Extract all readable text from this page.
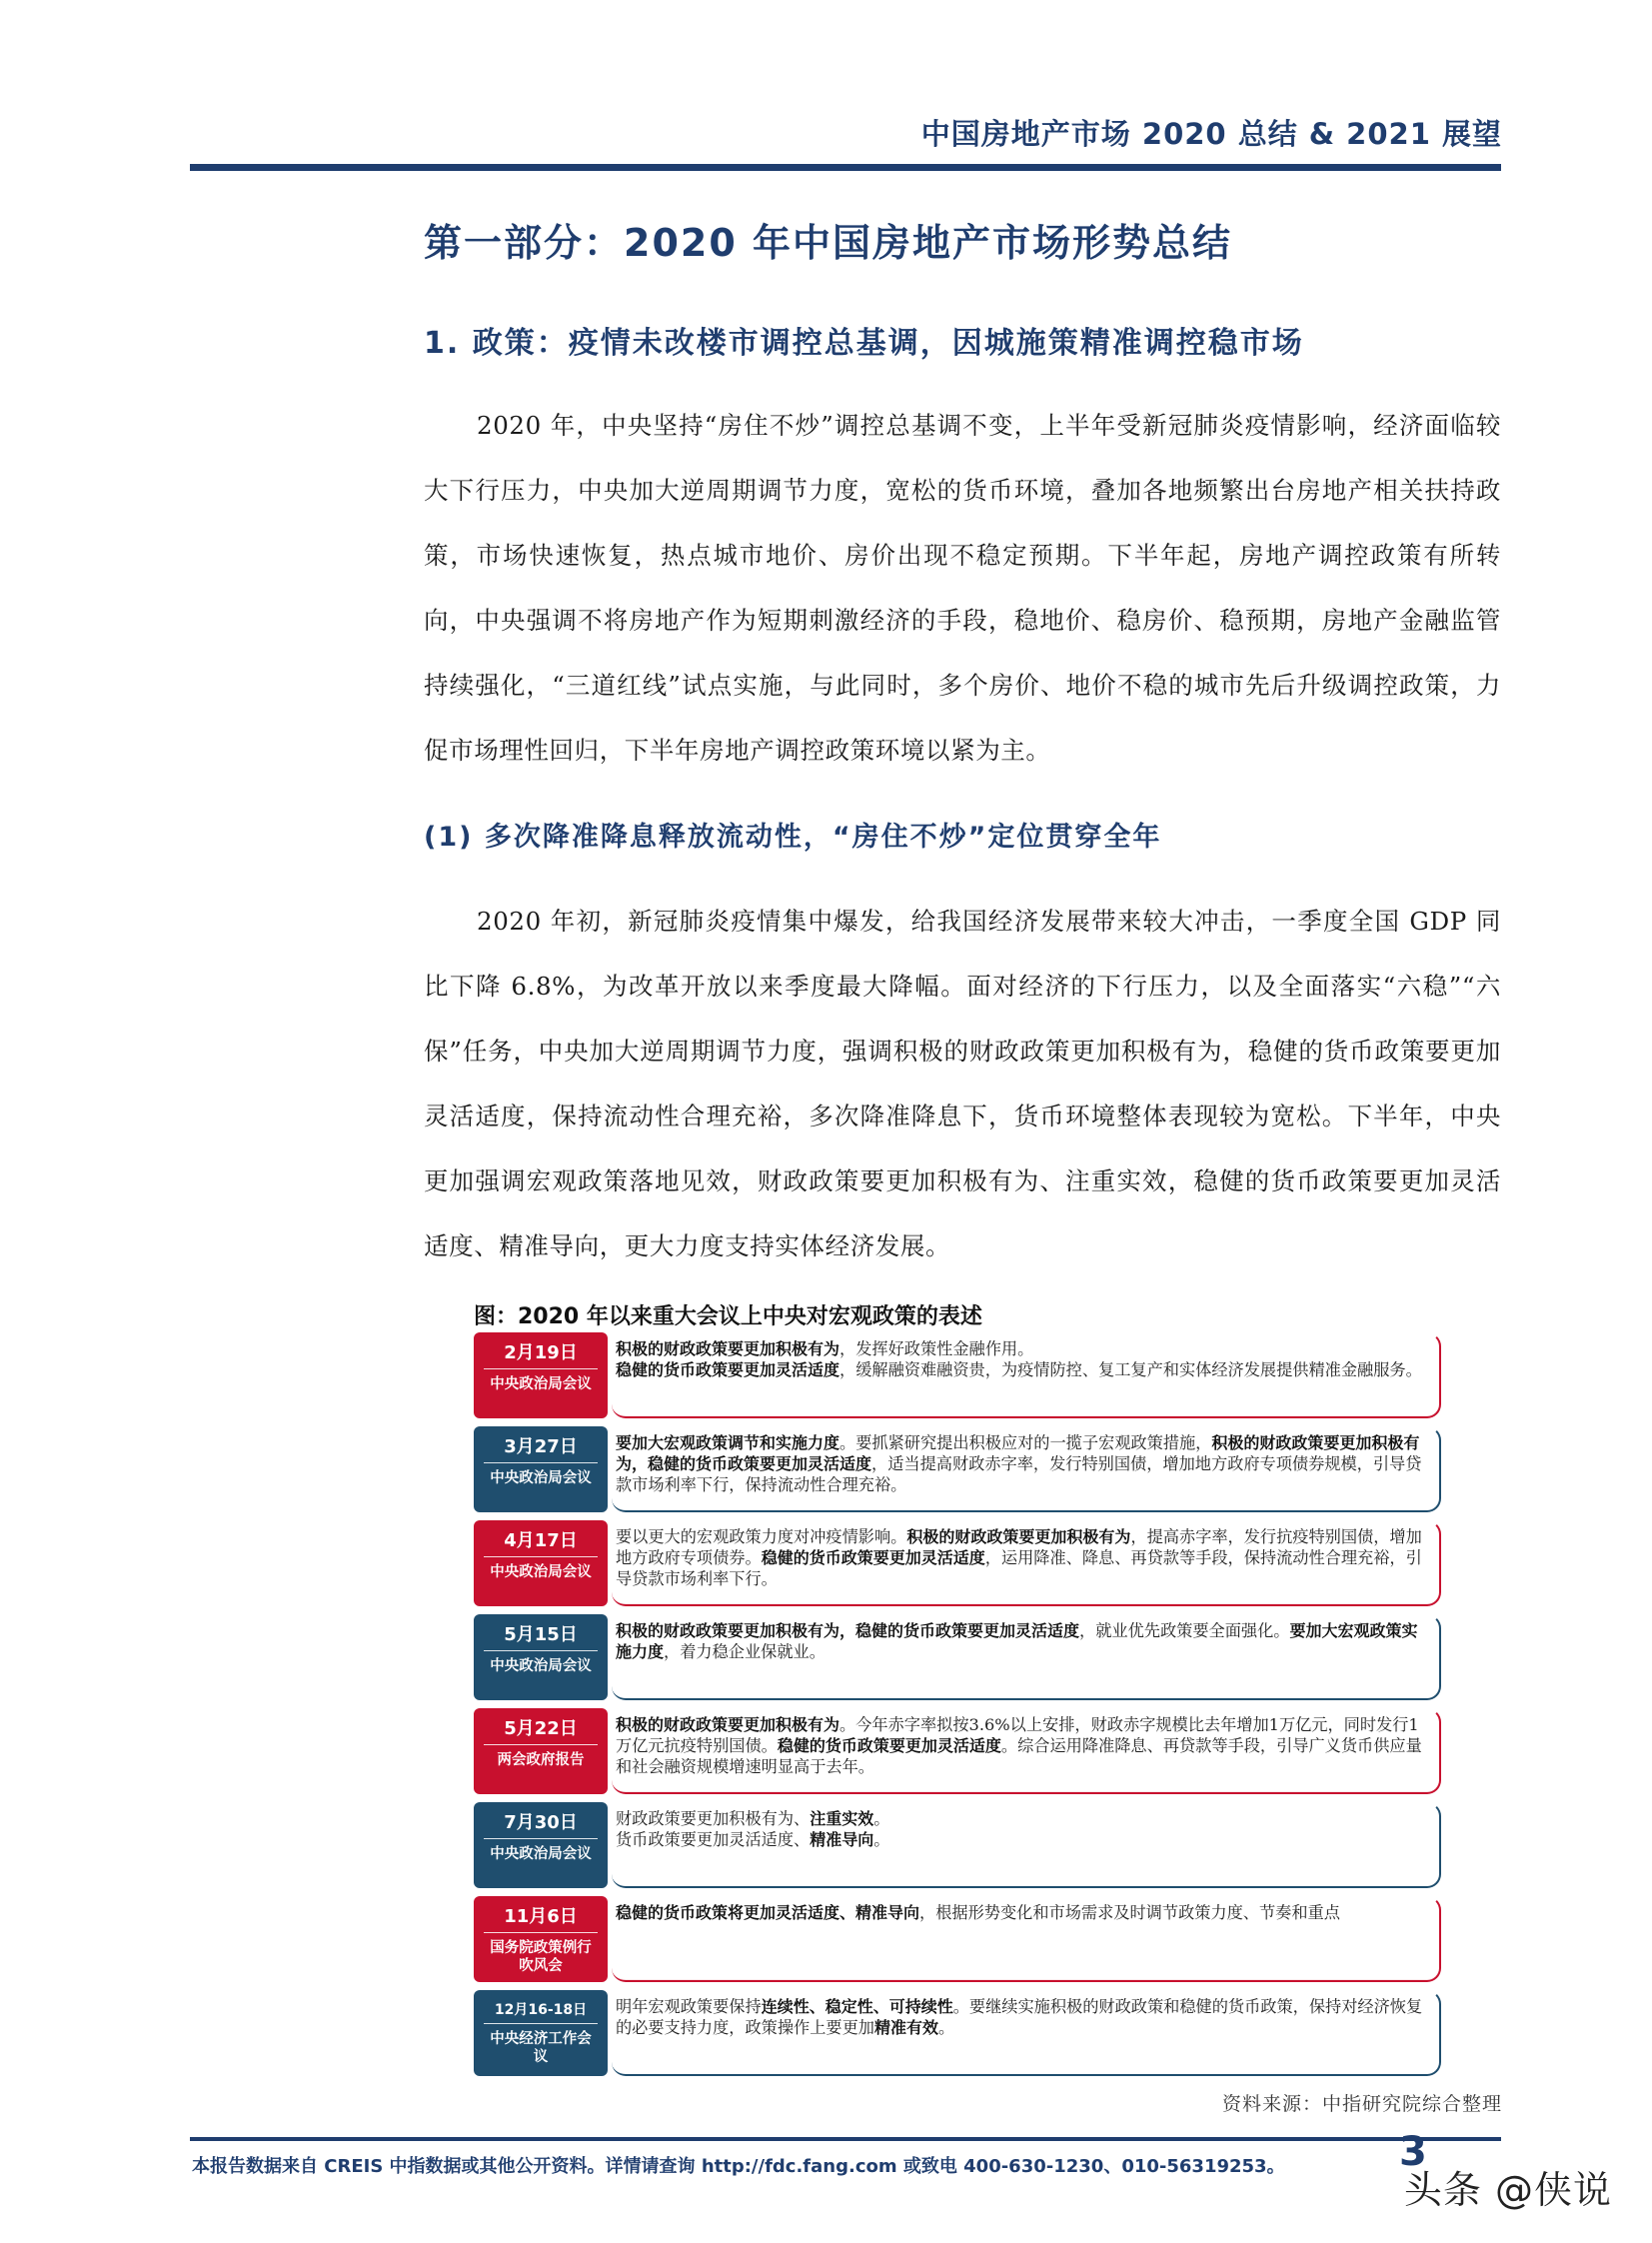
中国房地产市场 2020 总结 & 2021 展望
第一部分：2020 年中国房地产市场形势总结
1. 政策：疫情未改楼市调控总基调，因城施策精准调控稳市场

2020 年，中央坚持“房住不炒”调控总基调不变，上半年受新冠肺炎疫情影响，经济面临较大下行压力，中央加大逆周期调节力度，宽松的货币环境，叠加各地频繁出台房地产相关扶持政策，市场快速恢复，热点城市地价、房价出现不稳定预期。下半年起，房地产调控政策有所转向，中央强调不将房地产作为短期刺激经济的手段，稳地价、稳房价、稳预期，房地产金融监管持续强化，“三道红线”试点实施，与此同时，多个房价、地价不稳的城市先后升级调控政策，力促市场理性回归，下半年房地产调控政策环境以紧为主。

(1) 多次降准降息释放流动性，“房住不炒”定位贯穿全年

2020 年初，新冠肺炎疫情集中爆发，给我国经济发展带来较大冲击，一季度全国 GDP 同比下降 6.8%，为改革开放以来季度最大降幅。面对经济的下行压力，以及全面落实“六稳”“六保”任务，中央加大逆周期调节力度，强调积极的财政政策更加积极有为，稳健的货币政策要更加灵活适度，保持流动性合理充裕，多次降准降息下，货币环境整体表现较为宽松。下半年，中央更加强调宏观政策落地见效，财政政策要更加积极有为、注重实效，稳健的货币政策要更加灵活适度、精准导向，更大力度支持实体经济发展。

图：2020 年以来重大会议上中央对宏观政策的表述
2月19日
中央政治局会议
积极的财政政策要更加积极有为，发挥好政策性金融作用。
稳健的货币政策要更加灵活适度，缓解融资难融资贵，为疫情防控、复工复产和实体经济发展提供精准金融服务。
3月27日
中央政治局会议
要加大宏观政策调节和实施力度。要抓紧研究提出积极应对的一揽子宏观政策措施，积极的财政政策要更加积极有为，稳健的货币政策要更加灵活适度，适当提高财政赤字率，发行特别国债，增加地方政府专项债券规模，引导贷款市场利率下行，保持流动性合理充裕。
4月17日
中央政治局会议
要以更大的宏观政策力度对冲疫情影响。积极的财政政策要更加积极有为，提高赤字率，发行抗疫特别国债，增加地方政府专项债券。稳健的货币政策要更加灵活适度，运用降准、降息、再贷款等手段，保持流动性合理充裕，引导贷款市场利率下行。
5月15日
中央政治局会议
积极的财政政策要更加积极有为，稳健的货币政策要更加灵活适度，就业优先政策要全面强化。要加大宏观政策实施力度，着力稳企业保就业。
5月22日
两会政府报告
积极的财政政策要更加积极有为。今年赤字率拟按3.6%以上安排，财政赤字规模比去年增加1万亿元，同时发行1万亿元抗疫特别国债。稳健的货币政策要更加灵活适度。综合运用降准降息、再贷款等手段，引导广义货币供应量和社会融资规模增速明显高于去年。
7月30日
中央政治局会议
财政政策要更加积极有为、注重实效。
货币政策要更加灵活适度、精准导向。
11月6日
国务院政策例行吹风会
稳健的货币政策将更加灵活适度、精准导向，根据形势变化和市场需求及时调节政策力度、节奏和重点
12月16-18日
中央经济工作会议
明年宏观政策要保持连续性、稳定性、可持续性。要继续实施积极的财政政策和稳健的货币政策，保持对经济恢复的必要支持力度，政策操作上要更加精准有效。
资料来源：中指研究院综合整理
本报告数据来自 CREIS 中指数据或其他公开资料。详情请查询 http://fdc.fang.com 或致电 400-630-1230、010-56319253。	3
头条 @侠说
